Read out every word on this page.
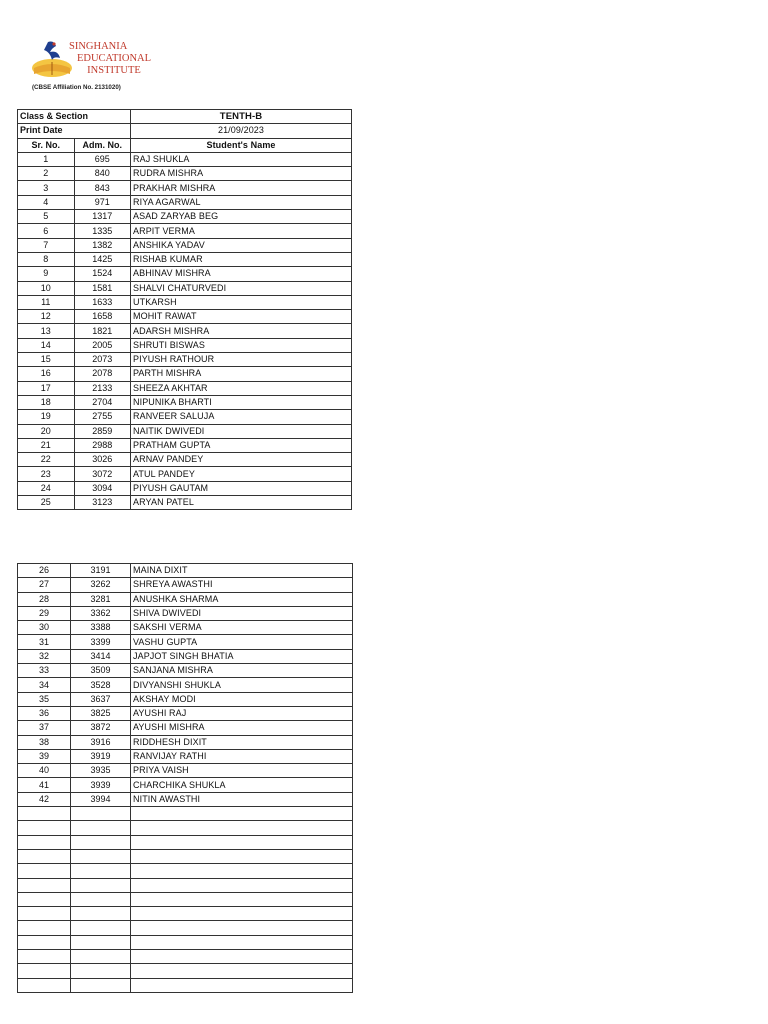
SINGHANIA
EDUCATIONAL
INSTITUTE
(CBSE Affiliation No. 2131020)
Class & Section		TENTH-B
Print Date		21/09/2023
Sr. No.	Adm. No.	Student's Name
1	695	RAJ SHUKLA
2	840	RUDRA MISHRA
3	843	PRAKHAR MISHRA
4	971	RIYA AGARWAL
5	1317	ASAD ZARYAB BEG
6	1335	ARPIT VERMA
7	1382	ANSHIKA YADAV
8	1425	RISHAB KUMAR
9	1524	ABHINAV MISHRA
10	1581	SHALVI CHATURVEDI
11	1633	UTKARSH
12	1658	MOHIT RAWAT
13	1821	ADARSH MISHRA
14	2005	SHRUTI BISWAS
15	2073	PIYUSH RATHOUR
16	2078	PARTH MISHRA
17	2133	SHEEZA AKHTAR
18	2704	NIPUNIKA BHARTI
19	2755	RANVEER SALUJA
20	2859	NAITIK DWIVEDI
21	2988	PRATHAM GUPTA
22	3026	ARNAV PANDEY
23	3072	ATUL PANDEY
24	3094	PIYUSH GAUTAM
25	3123	ARYAN PATEL
26	3191	MAINA DIXIT
27	3262	SHREYA AWASTHI
28	3281	ANUSHKA SHARMA
29	3362	SHIVA DWIVEDI
30	3388	SAKSHI VERMA
31	3399	VASHU GUPTA
32	3414	JAPJOT SINGH BHATIA
33	3509	SANJANA MISHRA
34	3528	DIVYANSHI SHUKLA
35	3637	AKSHAY MODI
36	3825	AYUSHI RAJ
37	3872	AYUSHI MISHRA
38	3916	RIDDHESH DIXIT
39	3919	RANVIJAY RATHI
40	3935	PRIYA VAISH
41	3939	CHARCHIKA SHUKLA
42	3994	NITIN AWASTHI
